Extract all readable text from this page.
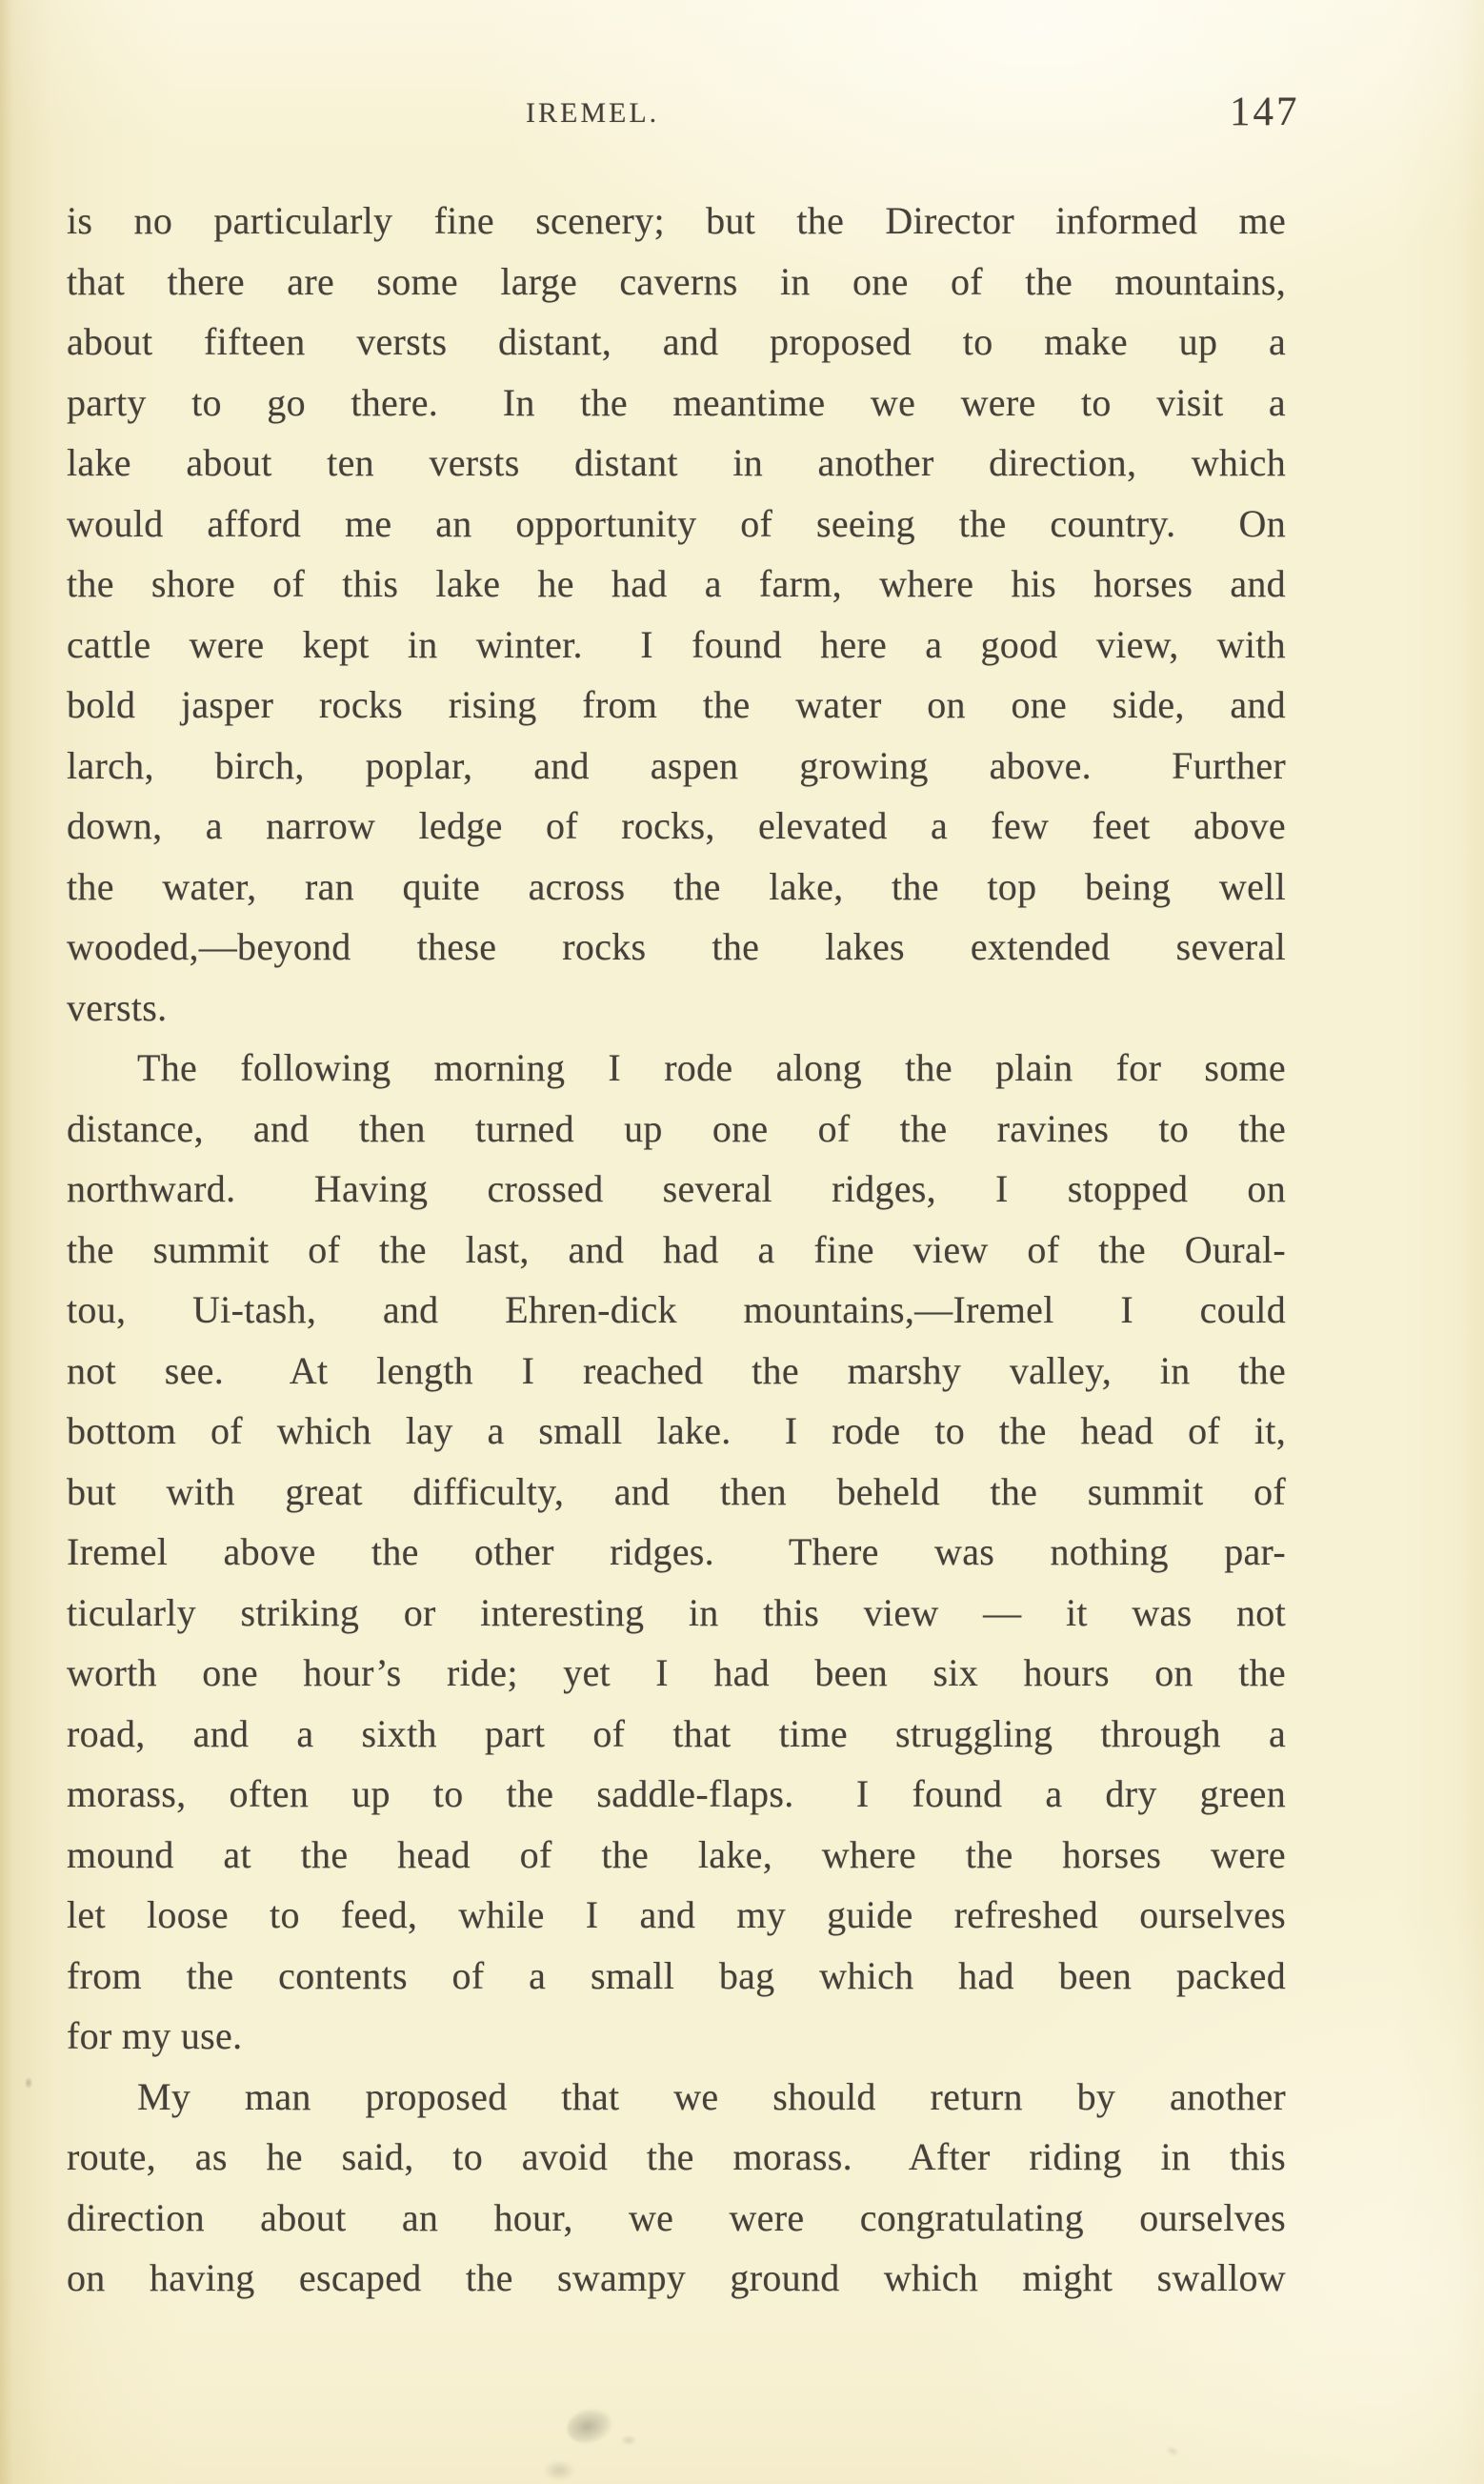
IREMEL.	147
is no particularly fine scenery; but the Director informed me
that there are some large caverns in one of the mountains,
about fifteen versts distant, and proposed to make up a
party to go there.  In the meantime we were to visit a
lake about ten versts distant in another direction, which
would afford me an opportunity of seeing the country.  On
the shore of this lake he had a farm, where his horses and
cattle were kept in winter.  I found here a good view, with
bold jasper rocks rising from the water on one side, and
larch, birch, poplar, and aspen growing above.  Further
down, a narrow ledge of rocks, elevated a few feet above
the water, ran quite across the lake, the top being well
wooded,—beyond these rocks the lakes extended several
versts.
The following morning I rode along the plain for some
distance, and then turned up one of the ravines to the
northward.  Having crossed several ridges, I stopped on
the summit of the last, and had a fine view of the Oural-
tou, Ui-tash, and Ehren-dick mountains,—Iremel I could
not see.  At length I reached the marshy valley, in the
bottom of which lay a small lake.  I rode to the head of it,
but with great difficulty, and then beheld the summit of
Iremel above the other ridges.  There was nothing par-
ticularly striking or interesting in this view — it was not
worth one hour’s ride; yet I had been six hours on the
road, and a sixth part of that time struggling through a
morass, often up to the saddle-flaps.  I found a dry green
mound at the head of the lake, where the horses were
let loose to feed, while I and my guide refreshed ourselves
from the contents of a small bag which had been packed
for my use.
My man proposed that we should return by another
route, as he said, to avoid the morass.  After riding in this
direction about an hour, we were congratulating ourselves
on having escaped the swampy ground which might swallow
